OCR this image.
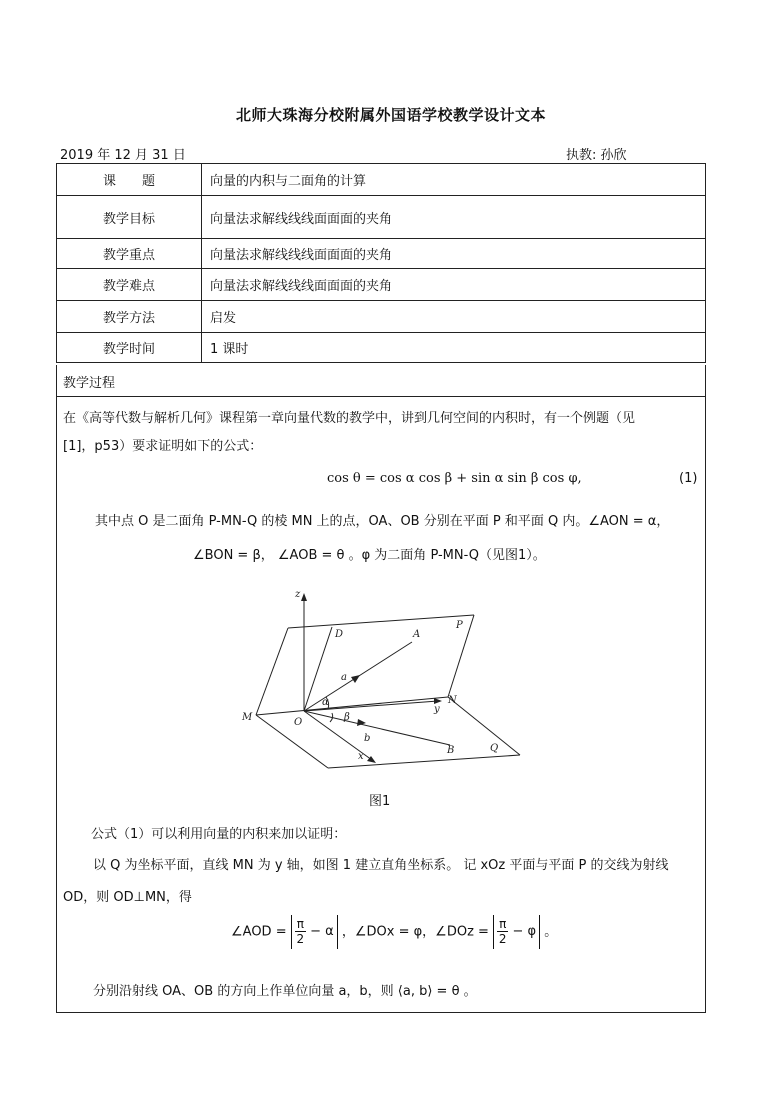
北师大珠海分校附属外国语学校教学设计文本
2019 年 12 月 31 日	执教: 孙欣
课　　题	向量的内积与二面角的计算
教学目标	向量法求解线线线面面面的夹角
教学重点	向量法求解线线线面面面的夹角
教学难点	向量法求解线线线面面面的夹角
教学方法	启发
教学时间	1 课时
教学过程
在《高等代数与解析几何》课程第一章向量代数的教学中，讲到几何空间的内积时，有一个例题（见
[1]，p53）要求证明如下的公式：
cos θ = cos α cos β + sin α sin β cos φ,	(1)
其中点 O 是二面角 P-MN-Q 的棱 MN 上的点，OA、OB 分别在平面 P 和平面 Q 内。∠AON = α，
∠BON = β， ∠AOB = θ 。φ 为二面角 P-MN-Q（见图1）。
图1
公式（1）可以利用向量的内积来加以证明：
以 Q 为坐标平面，直线 MN 为 y 轴，如图 1 建立直角坐标系。 记 xOz 平面与平面 P 的交线为射线
OD，则 OD⊥MN，得
∠AOD = $\frac{\pi}{2} - \alpha$ ，∠DOx = φ，∠DOz = $\frac{\pi}{2} - \varphi$ 。
分别沿射线 OA、OB 的方向上作单位向量 a，b，则 ⟨a, b⟩ = θ 。
z
D	A
P
a
α	N
y
M	O	β
b
B	Q
x
